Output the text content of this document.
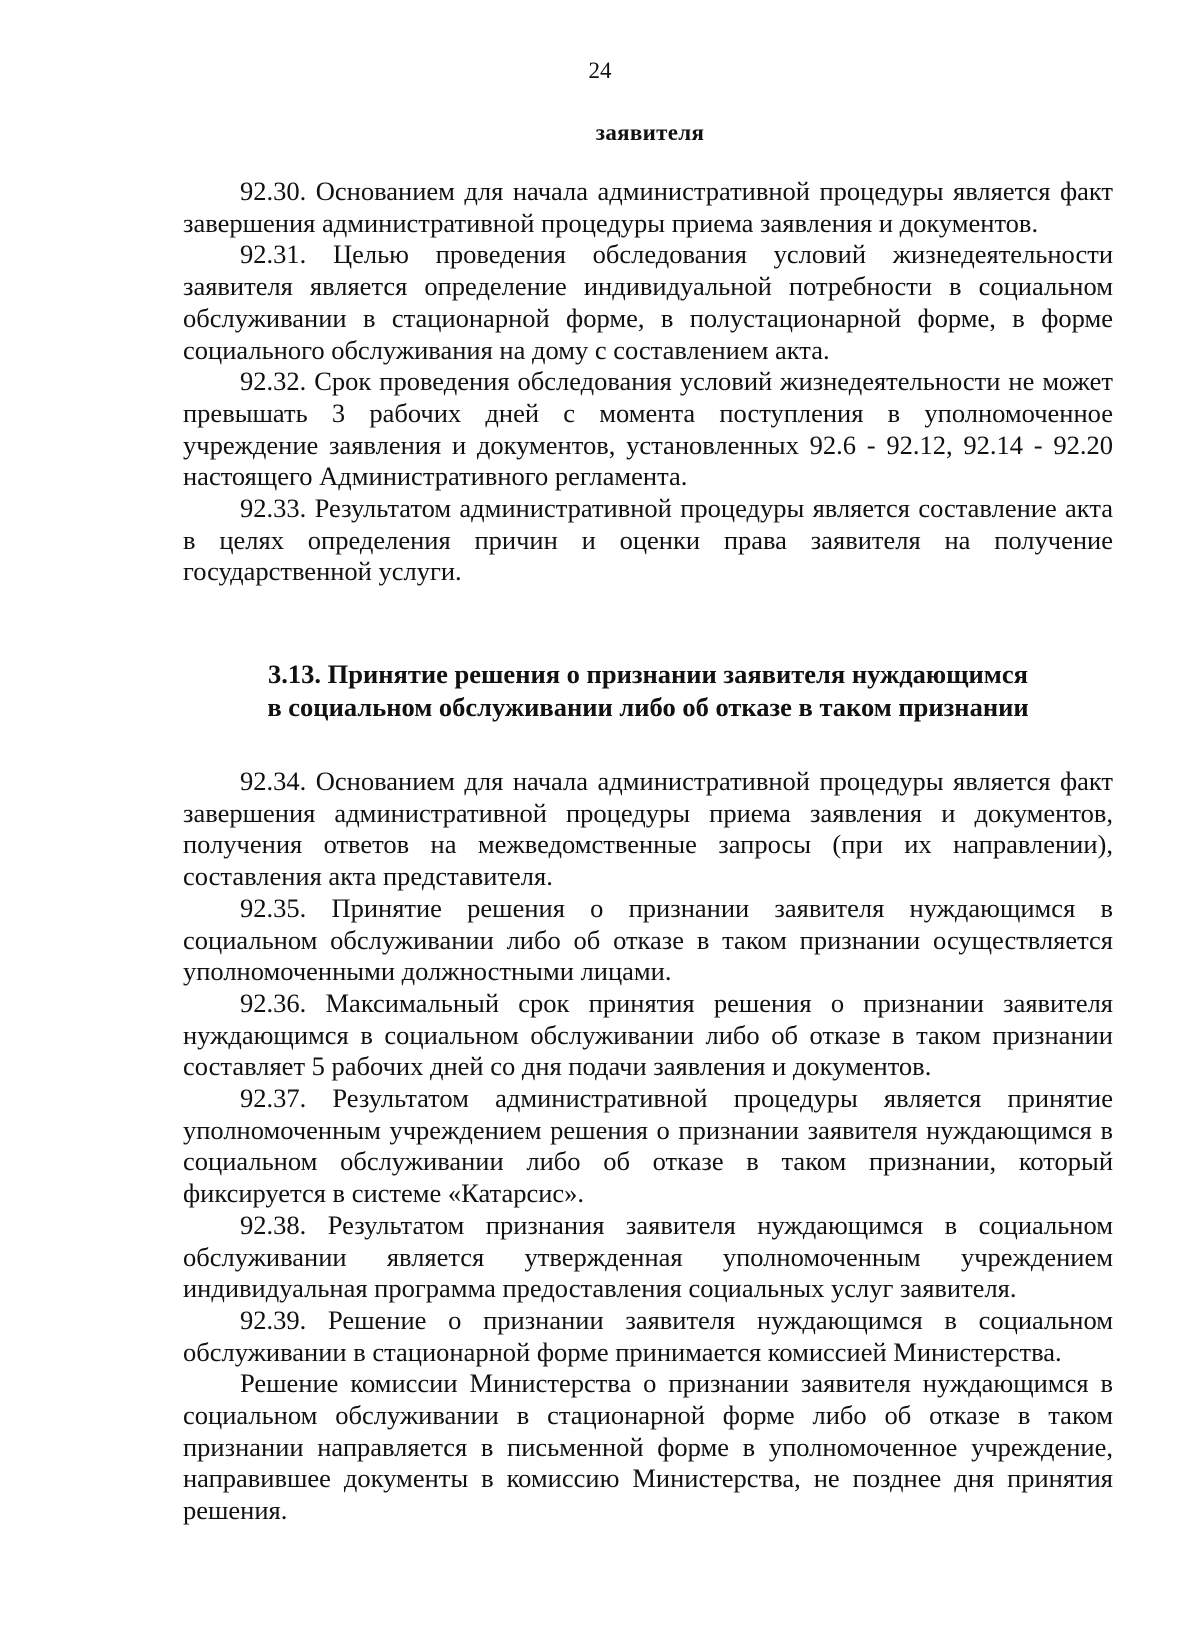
24
заявителя

92.30. Основанием для начала административной процедуры является факт завершения административной процедуры приема заявления и документов.

92.31. Целью проведения обследования условий жизнедеятельности заявителя является определение индивидуальной потребности в социальном обслуживании в стационарной форме, в полустационарной форме, в форме социального обслуживания на дому с составлением акта.

92.32. Срок проведения обследования условий жизнедеятельности не может превышать 3 рабочих дней с момента поступления в уполномоченное учреждение заявления и документов, установленных 92.6 - 92.12, 92.14 - 92.20 настоящего Административного регламента.

92.33. Результатом административной процедуры является составление акта в целях определения причин и оценки права заявителя на получение государственной услуги.

3.13. Принятие решения о признании заявителя нуждающимся
в социальном обслуживании либо об отказе в таком признании

92.34. Основанием для начала административной процедуры является факт завершения административной процедуры приема заявления и документов, получения ответов на межведомственные запросы (при их направлении), составления акта представителя.

92.35. Принятие решения о признании заявителя нуждающимся в социальном обслуживании либо об отказе в таком признании осуществляется уполномоченными должностными лицами.

92.36. Максимальный срок принятия решения о признании заявителя нуждающимся в социальном обслуживании либо об отказе в таком признании составляет 5 рабочих дней со дня подачи заявления и документов.

92.37. Результатом административной процедуры является принятие уполномоченным учреждением решения о признании заявителя нуждающимся в социальном обслуживании либо об отказе в таком признании, который фиксируется в системе «Катарсис».

92.38. Результатом признания заявителя нуждающимся в социальном обслуживании является утвержденная уполномоченным учреждением индивидуальная программа предоставления социальных услуг заявителя.

92.39. Решение о признании заявителя нуждающимся в социальном обслуживании в стационарной форме принимается комиссией Министерства.

Решение комиссии Министерства о признании заявителя нуждающимся в социальном обслуживании в стационарной форме либо об отказе в таком признании направляется в письменной форме в уполномоченное учреждение, направившее документы в комиссию Министерства, не позднее дня принятия решения.
